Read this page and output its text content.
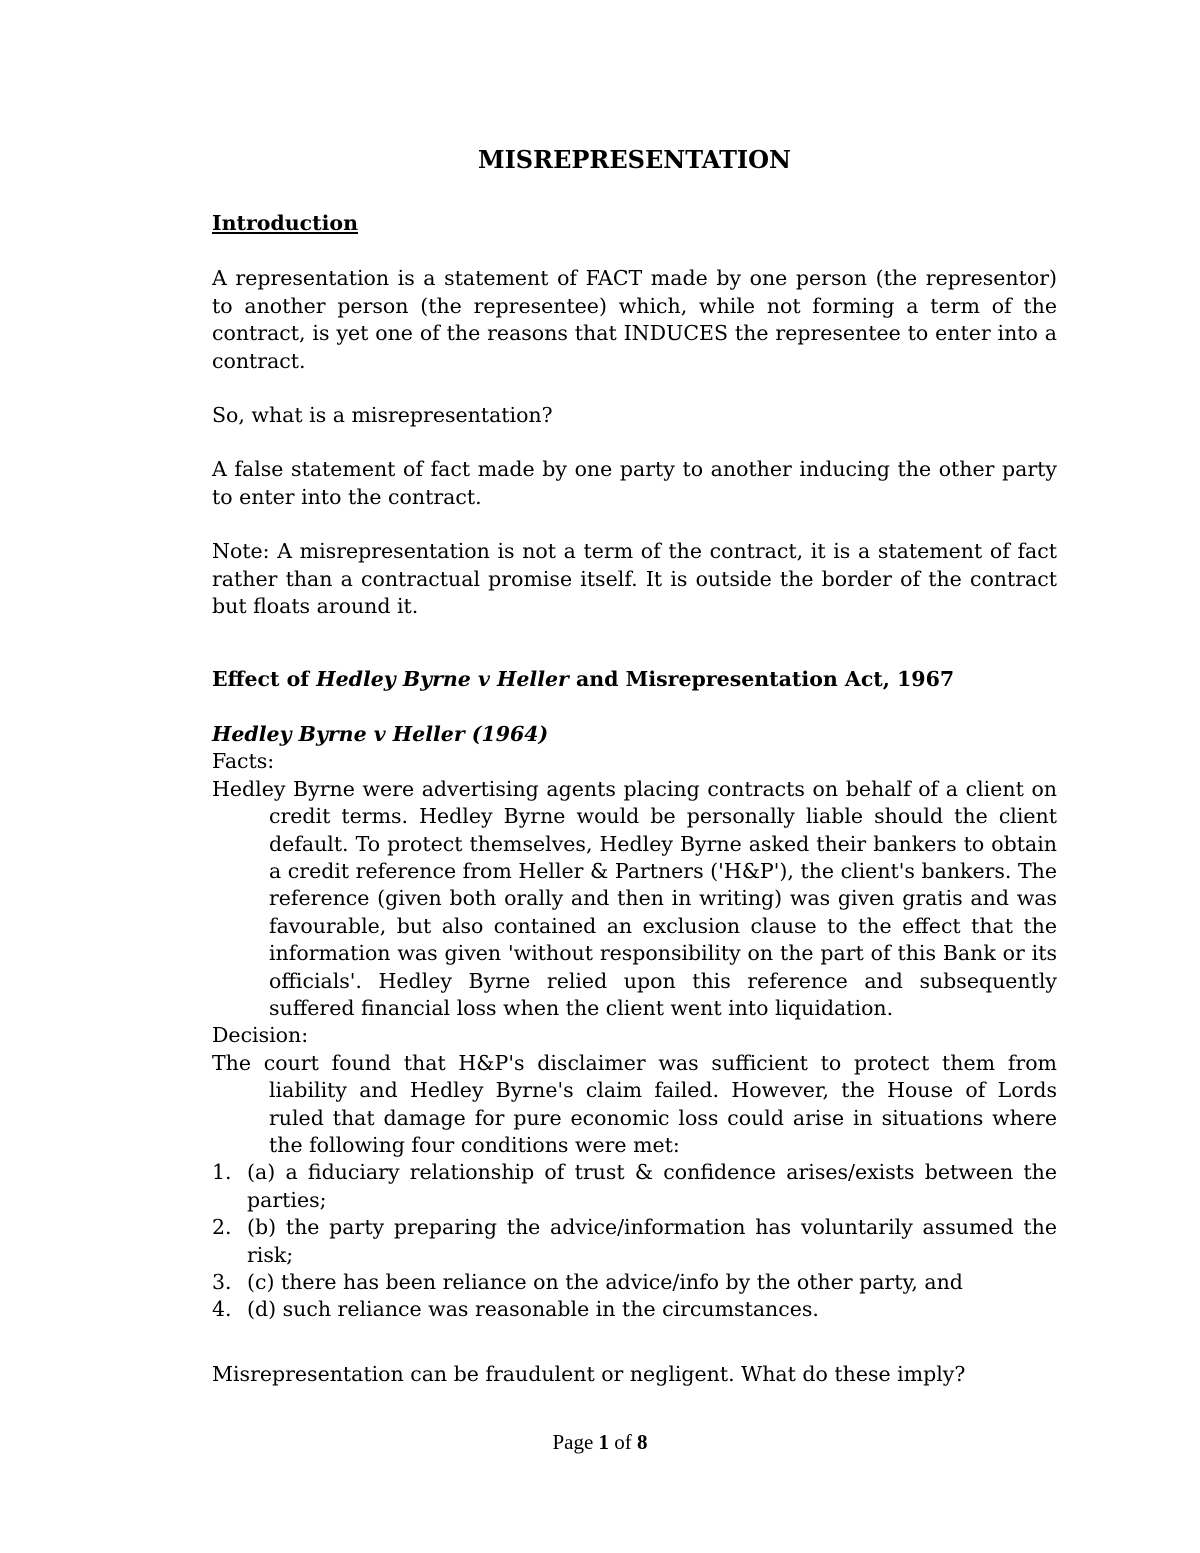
MISREPRESENTATION
Introduction

A representation is a statement of FACT made by one person (the representor) to another person (the representee) which, while not forming a term of the contract, is yet one of the reasons that INDUCES the representee to enter into a contract.

So, what is a misrepresentation?

A false statement of fact made by one party to another inducing the other party to enter into the contract.

Note: A misrepresentation is not a term of the contract, it is a statement of fact rather than a contractual promise itself. It is outside the border of the contract but floats around it.

Effect of Hedley Byrne v Heller and Misrepresentation Act, 1967
Hedley Byrne v Heller (1964)
Facts:
Hedley Byrne were advertising agents placing contracts on behalf of a client on credit terms. Hedley Byrne would be personally liable should the client default. To protect themselves, Hedley Byrne asked their bankers to obtain a credit reference from Heller & Partners ('H&P'), the client's bankers. The reference (given both orally and then in writing) was given gratis and was favourable, but also contained an exclusion clause to the effect that the information was given 'without responsibility on the part of this Bank or its officials'. Hedley Byrne relied upon this reference and subsequently suffered financial loss when the client went into liquidation.
Decision:
The court found that H&P's disclaimer was sufficient to protect them from liability and Hedley Byrne's claim failed. However, the House of Lords ruled that damage for pure economic loss could arise in situations where the following four conditions were met:
1. (a) a fiduciary relationship of trust & confidence arises/exists between the parties;
2. (b) the party preparing the advice/information has voluntarily assumed the risk;
3. (c) there has been reliance on the advice/info by the other party, and
4. (d) such reliance was reasonable in the circumstances.
Misrepresentation can be fraudulent or negligent. What do these imply?
Page 1 of 8
